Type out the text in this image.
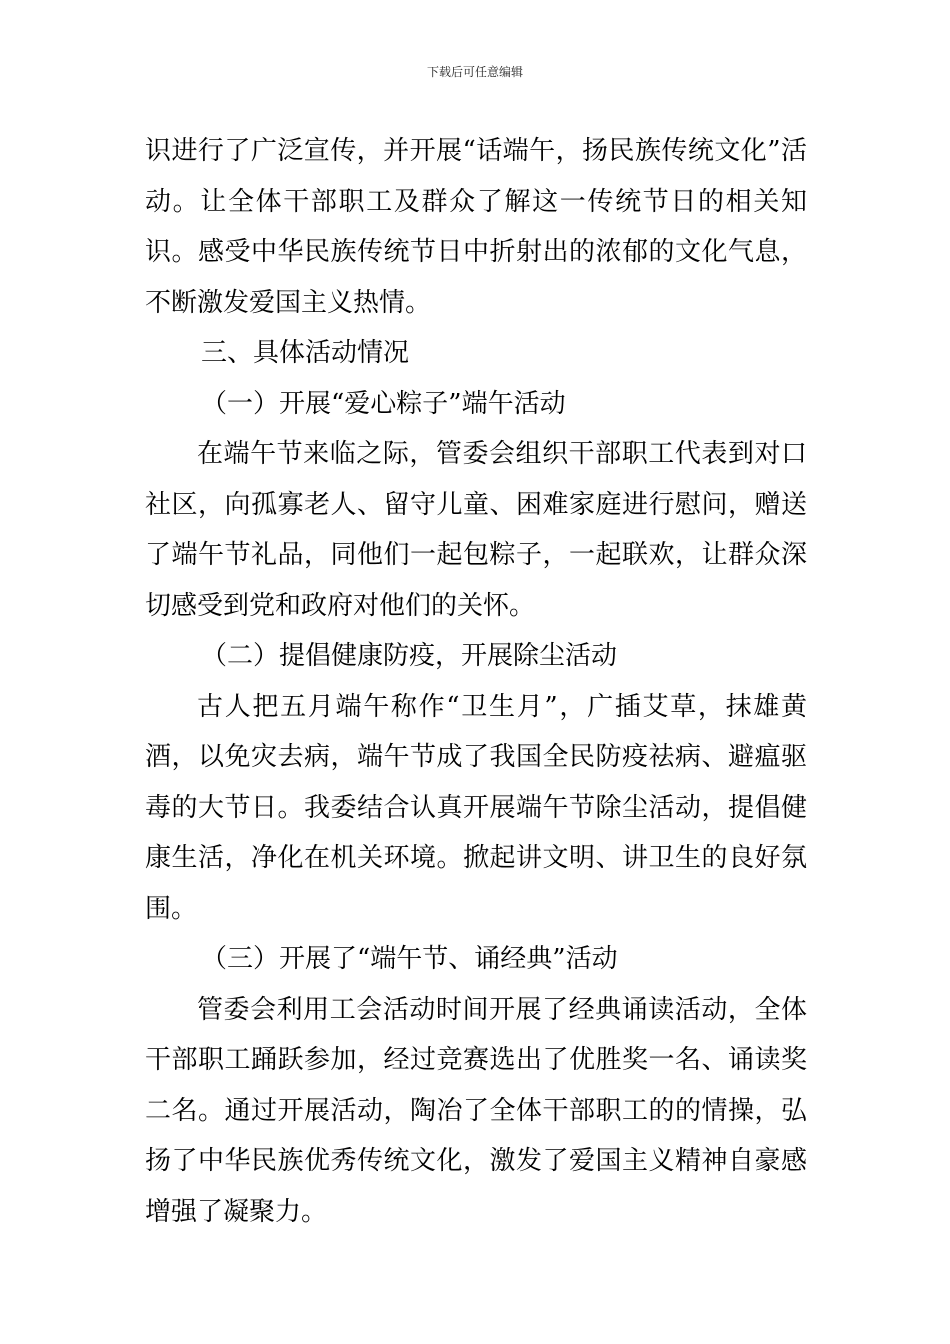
下载后可任意编辑

识进行了广泛宣传，并开展“话端午，扬民族传统文化”活动。让全体干部职工及群众了解这一传统节日的相关知识。感受中华民族传统节日中折射出的浓郁的文化气息，不断激发爱国主义热情。

三、具体活动情况

（一）开展“爱心粽子”端午活动

在端午节来临之际，管委会组织干部职工代表到对口社区，向孤寡老人、留守儿童、困难家庭进行慰问，赠送了端午节礼品，同他们一起包粽子，一起联欢，让群众深切感受到党和政府对他们的关怀。

（二）提倡健康防疫，开展除尘活动

古人把五月端午称作“卫生月”，广插艾草，抹雄黄酒，以免灾去病，端午节成了我国全民防疫祛病、避瘟驱毒的大节日。我委结合认真开展端午节除尘活动，提倡健康生活，净化在机关环境。掀起讲文明、讲卫生的良好氛围。

（三）开展了“端午节、诵经典”活动

管委会利用工会活动时间开展了经典诵读活动，全体干部职工踊跃参加，经过竞赛选出了优胜奖一名、诵读奖二名。通过开展活动，陶冶了全体干部职工的的情操，弘扬了中华民族优秀传统文化，激发了爱国主义精神自豪感增强了凝聚力。
